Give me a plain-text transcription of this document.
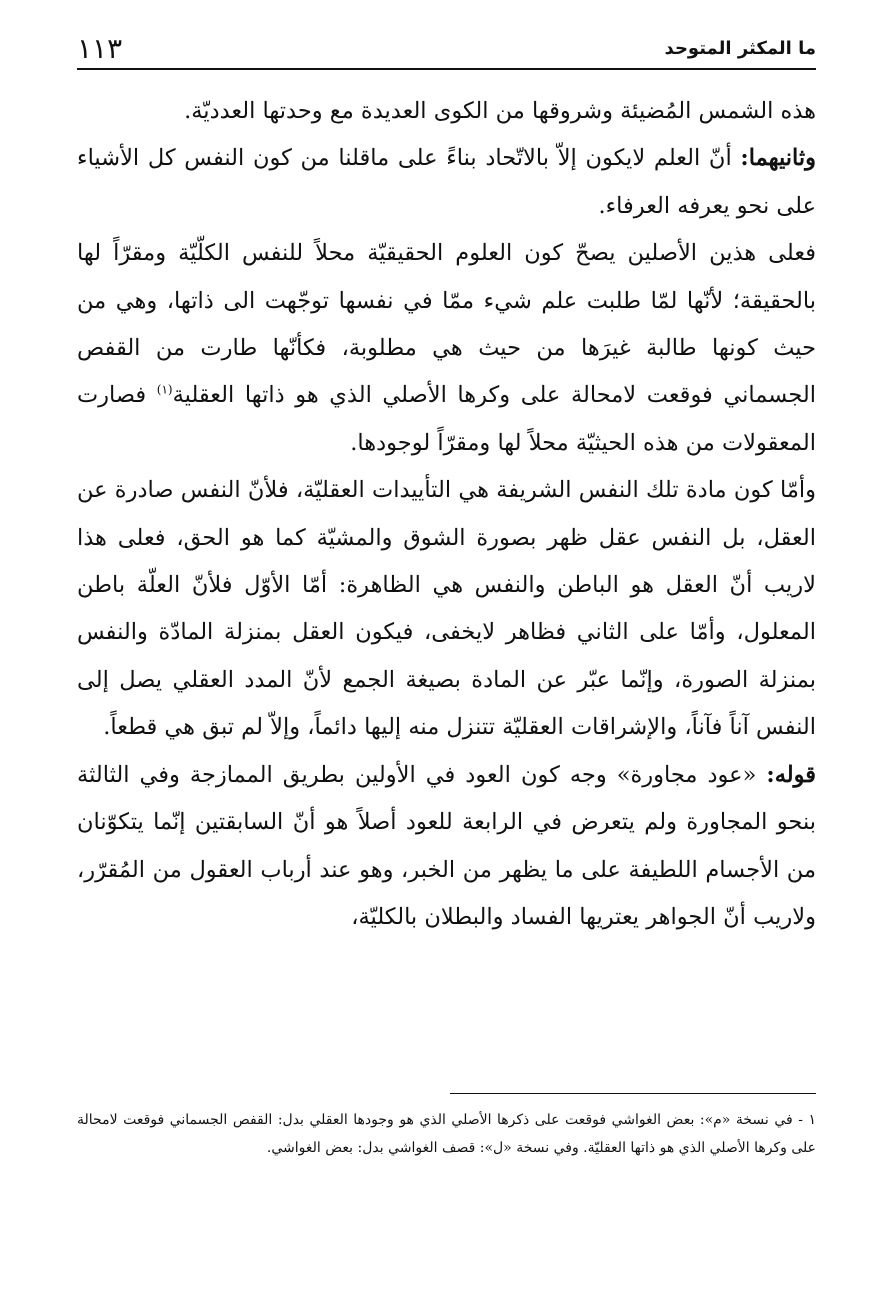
١١٣	ما المكثر المتوحد

هذه الشمس المُضيئة وشروقها من الكوى العديدة مع وحدتها العدديّة.

وثانيهما: أنّ العلم لايكون إلاّ بالاتّحاد بناءً على ماقلنا من كون النفس كل الأشياء على نحو يعرفه العرفاء.

فعلى هذين الأصلين يصحّ كون العلوم الحقيقيّة محلاً للنفس الكلّيّة ومقرّاً لها بالحقيقة؛ لأنّها لمّا طلبت علم شيء ممّا في نفسها توجّهت الى ذاتها، وهي من حيث كونها طالبة غيرَها من حيث هي مطلوبة، فكأنّها طارت من القفص الجسماني فوقعت لامحالة على وكرها الأصلي الذي هو ذاتها العقلية$^{(١)}$ فصارت المعقولات من هذه الحيثيّة محلاً لها ومقرّاً لوجودها.

وأمّا كون مادة تلك النفس الشريفة هي التأييدات العقليّة، فلأنّ النفس صادرة عن العقل، بل النفس عقل ظهر بصورة الشوق والمشيّة كما هو الحق، فعلى هذا لاريب أنّ العقل هو الباطن والنفس هي الظاهرة: أمّا الأوّل فلأنّ العلّة باطن المعلول، وأمّا على الثاني فظاهر لايخفى، فيكون العقل بمنزلة المادّة والنفس بمنزلة الصورة، وإنّما عبّر عن المادة بصيغة الجمع لأنّ المدد العقلي يصل إلى النفس آناً فآناً، والإشراقات العقليّة تتنزل منه إليها دائماً، وإلاّ لم تبق هي قطعاً.

قوله: «عود مجاورة» وجه كون العود في الأولين بطريق الممازجة وفي الثالثة بنحو المجاورة ولم يتعرض في الرابعة للعود أصلاً هو أنّ السابقتين إنّما يتكوّنان من الأجسام اللطيفة على ما يظهر من الخبر، وهو عند أرباب العقول من المُقرّر، ولاريب أنّ الجواهر يعتريها الفساد والبطلان بالكليّة،

١ - في نسخة «م»: بعض الغواشي فوقعت على ذكرها الأصلي الذي هو وجودها العقلي بدل: القفص الجسماني فوقعت لامحالة على وكرها الأصلي الذي هو ذاتها العقليّة. وفي نسخة «ل»: قصف الغواشي بدل: بعض الغواشي.
